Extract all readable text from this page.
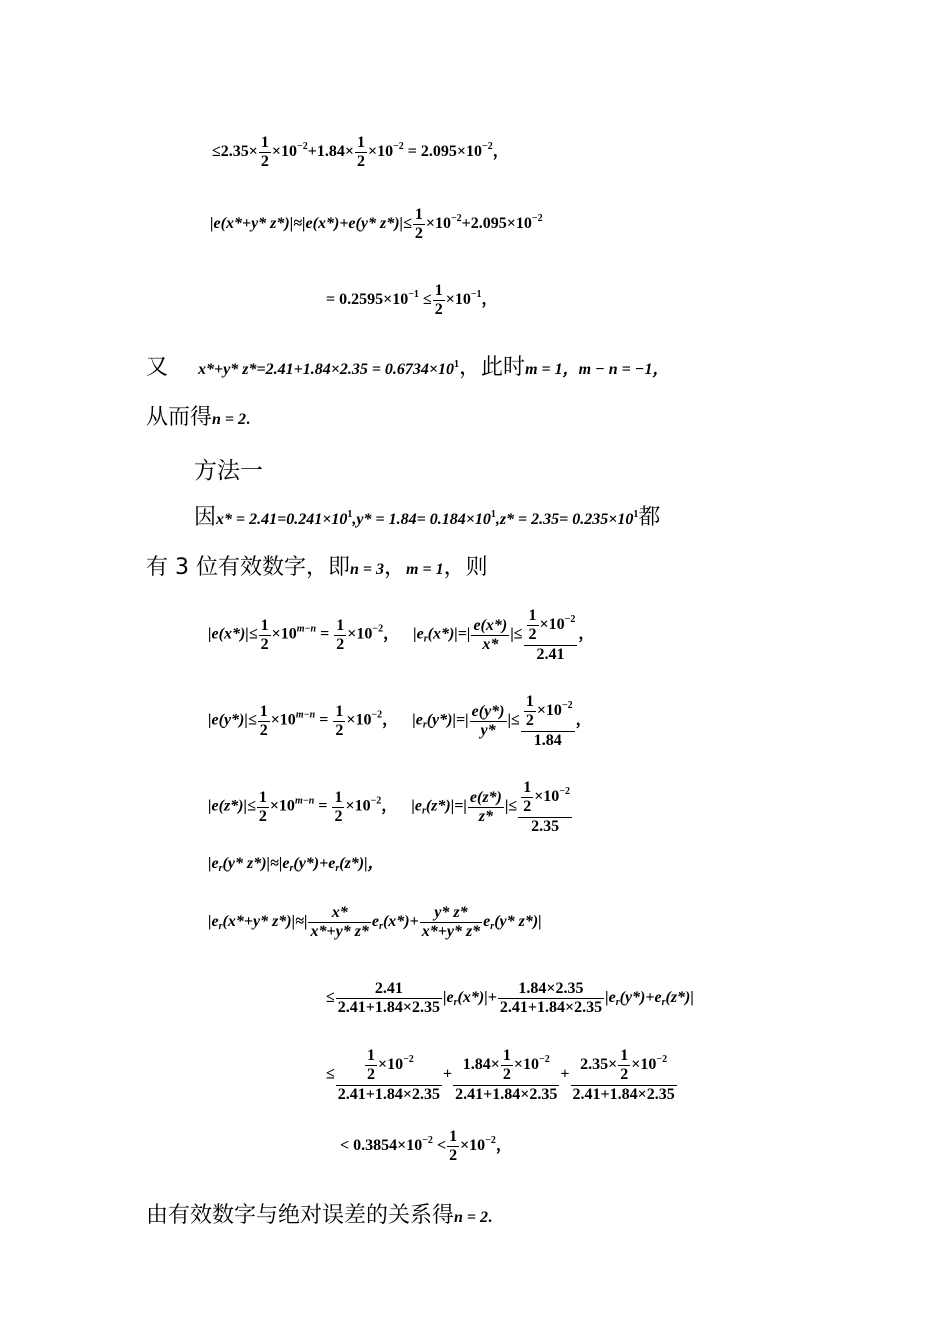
$\le 2.35\times \frac{1}{2} \times 10^{-2}+1.84\times \frac{1}{2} \times 10^{-2} = 2.095\times 10^{-2}$，
|e(x*+y* z*)|≈|e(x*)+e(y* $z*)|\le \frac{1}{2} \times 10^{-2}+2.095\times 10^{-2}$
= $0.2595\times 10^{-1} \le \frac{1}{2} \times 10^{-1}$，
又 x*+y* $z*=2.41+1.84\times 2.35 = 0.6734\times 10^1$，此时m = 1，m − n = −1，
从而得n = 2.
方法一
因$x* = 2.41=0.241\times 10^1,y* = 1.84= 0.184\times 10^1,z* = 2.35= 0.235\times 10^1$都
有 3 位有效数字，即n = 3，m = 1，则
$|e(x*)|\le \frac{1}{2} \times 10^{m-n} = \frac{1}{2} \times 10^{-2}$， $|e_r(x*)|=| \frac{e(x*)}{x*}$ |≤ $\frac{\frac{1}{2} \times 10^{-2}}{2.41}$ ，
$|e(y*)|\le \frac{1}{2} \times 10^{m-n} = \frac{1}{2} \times 10^{-2}$， $|e_r(y*)|=| \frac{e(y*)}{y*}$ |≤ $\frac{\frac{1}{2} \times 10^{-2}}{1.84}$ ，
$|e(z*)|\le \frac{1}{2} \times 10^{m-n} = \frac{1}{2} \times 10^{-2}$， $|e_r(z*)|=| \frac{e(z*)}{z*}$ |≤ $\frac{\frac{1}{2} \times 10^{-2}}{2.35}$
$|e_r(y*$ $z*)|\approx|e_r(y*)+e_r(z*)|$，
$|e_r(x*+y*$ $z*)|\approx| \frac{x*}{x*+y* z*} e_r(x*)+ \frac{y* z*}{x*+y* z*} e_r(y*$ z*)|
≤ $\frac{2.41}{2.41+1.84\times 2.35} |e_r(x*)|+ \frac{1.84\times 2.35}{2.41+1.84\times 2.35} |e_r(y*)+e_r(z*)|$
≤ $\frac{\frac{1}{2} \times 10^{-2}}{2.41+1.84\times 2.35} + \frac{1.84\times \frac{1}{2} \times 10^{-2}}{2.41+1.84\times 2.35} + \frac{2.35\times \frac{1}{2} \times 10^{-2}}{2.41+1.84\times 2.35}$
< $0.3854\times 10^{-2} < \frac{1}{2} \times 10^{-2}$，
由有效数字与绝对误差的关系得n = 2.
